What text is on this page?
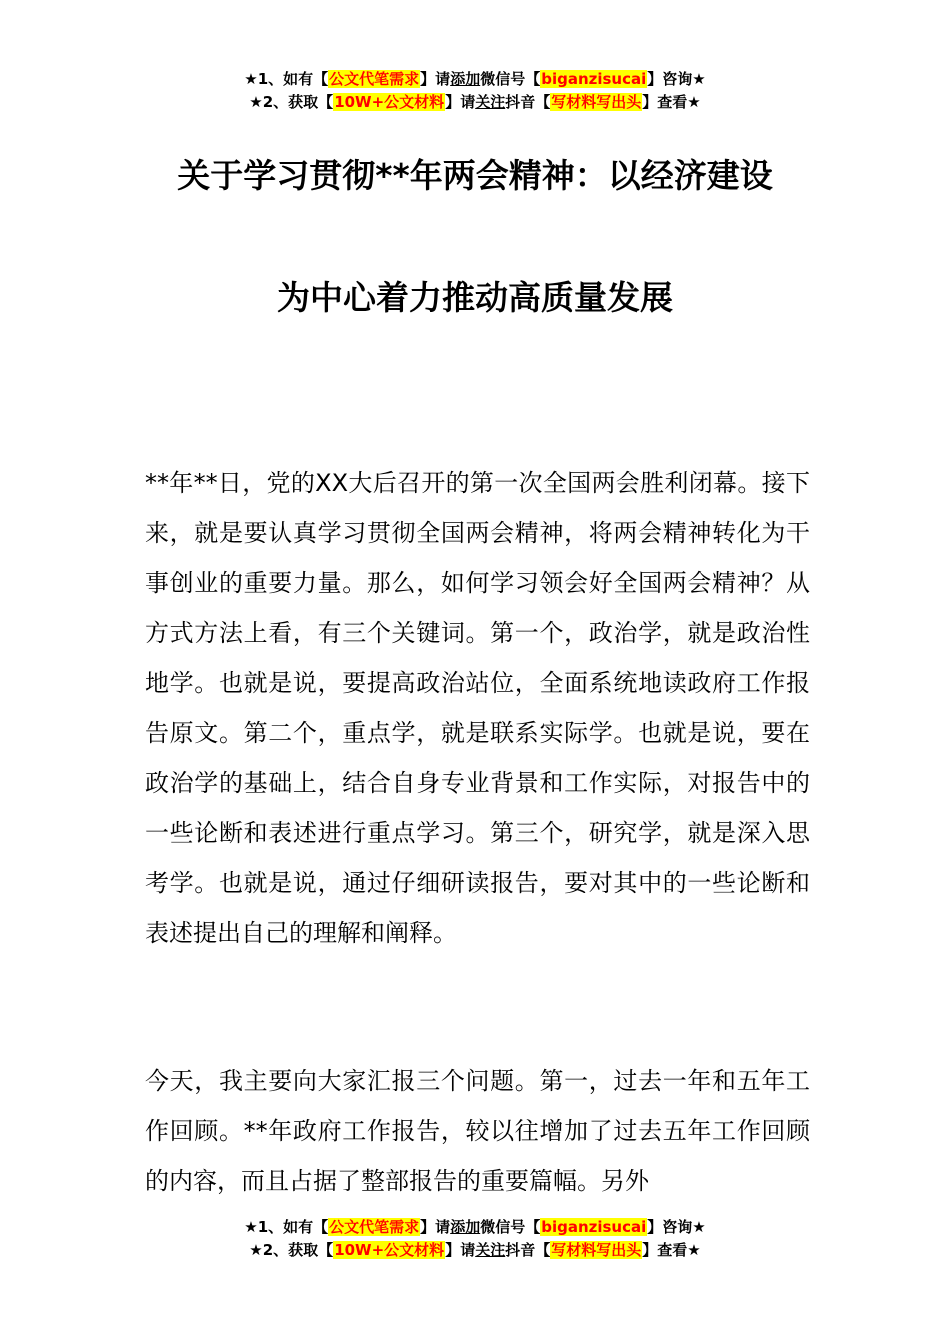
★1、如有【公文代笔需求】请添加微信号【biganzisucai】咨询★
★2、获取【10W+公文材料】请关注抖音【写材料写出头】查看★
关于学习贯彻**年两会精神：以经济建设
为中心着力推动高质量发展
**年**日，党的XX大后召开的第一次全国两会胜利闭幕。接下来，就是要认真学习贯彻全国两会精神，将两会精神转化为干事创业的重要力量。那么，如何学习领会好全国两会精神？从方式方法上看，有三个关键词。第一个，政治学，就是政治性地学。也就是说，要提高政治站位，全面系统地读政府工作报告原文。第二个，重点学，就是联系实际学。也就是说，要在政治学的基础上，结合自身专业背景和工作实际，对报告中的一些论断和表述进行重点学习。第三个，研究学，就是深入思考学。也就是说，通过仔细研读报告，要对其中的一些论断和表述提出自己的理解和阐释。
今天，我主要向大家汇报三个问题。第一，过去一年和五年工作回顾。**年政府工作报告，较以往增加了过去五年工作回顾的内容，而且占据了整部报告的重要篇幅。另外
★1、如有【公文代笔需求】请添加微信号【biganzisucai】咨询★
★2、获取【10W+公文材料】请关注抖音【写材料写出头】查看★
